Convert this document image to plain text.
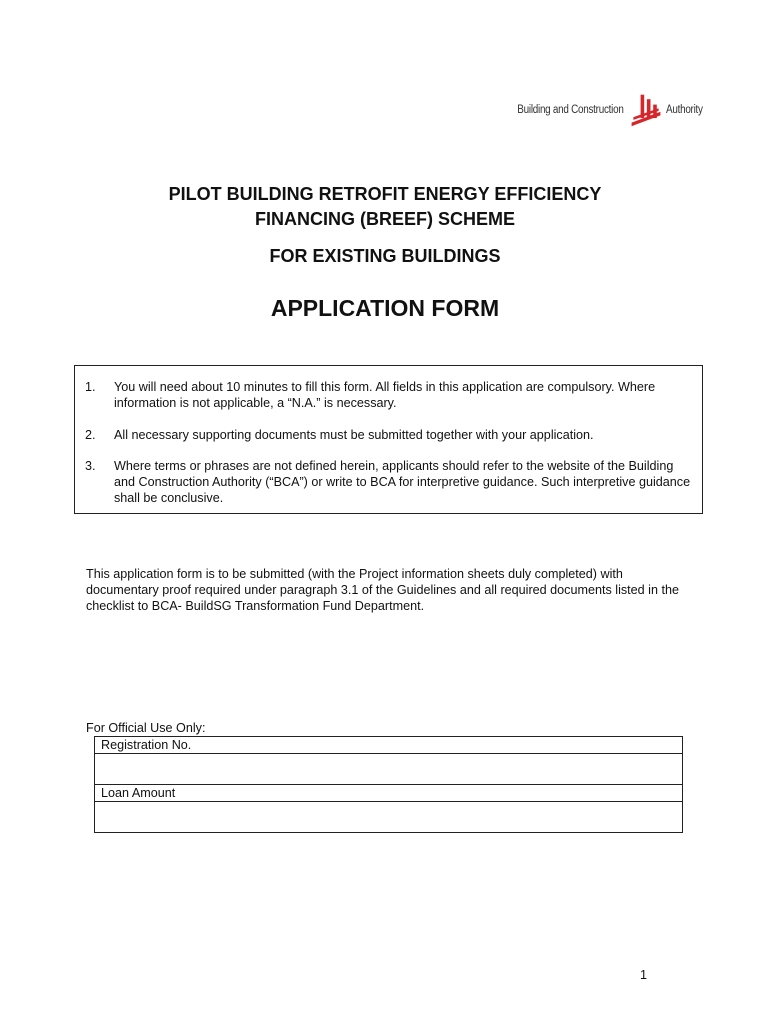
Building and Construction	Authority
PILOT BUILDING RETROFIT ENERGY EFFICIENCY
FINANCING (BREEF) SCHEME
FOR EXISTING BUILDINGS
APPLICATION FORM
1. You will need about 10 minutes to fill this form. All fields in this application are compulsory. Where information is not applicable, a “N.A.” is necessary.
2. All necessary supporting documents must be submitted together with your application.
3. Where terms or phrases are not defined herein, applicants should refer to the website of the Building and Construction Authority (“BCA”) or write to BCA for interpretive guidance. Such interpretive guidance shall be conclusive.
This application form is to be submitted (with the Project information sheets duly completed) with documentary proof required under paragraph 3.1 of the Guidelines and all required documents listed in the checklist to BCA- BuildSG Transformation Fund Department.
For Official Use Only:
Registration No.

Loan Amount

1
